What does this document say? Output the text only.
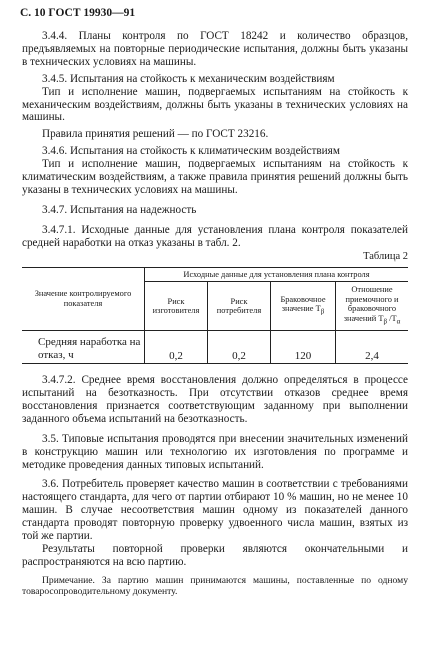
С. 10 ГОСТ 19930—91

3.4.4. Планы контроля по ГОСТ 18242 и количество образцов, предъявляемых на повторные периодические испытания, должны быть указаны в технических условиях на машины.

3.4.5. Испытания на стойкость к механическим воздействиям

Тип и исполнение машин, подвергаемых испытаниям на стойкость к механическим воздействиям, должны быть указаны в технических условиях на машины.

Правила принятия решений — по ГОСТ 23216.

3.4.6. Испытания на стойкость к климатическим воздействиям

Тип и исполнение машин, подвергаемых испытаниям на стойкость к климатическим воздействиям, а также правила принятия решений должны быть указаны в технических условиях на машины.

3.4.7. Испытания на надежность

3.4.7.1. Исходные данные для установления плана контроля показателей средней наработки на отказ указаны в табл. 2.

Таблица 2
Значение контролируемого показателя	Исходные данные для установления плана контроля			
	Риск изготовителя	Риск потребителя	Браковочное значение $T_\beta$	Отношение приемочного и браковочного значений $T_\beta$ $/T_\alpha$
Средняя наработка на отказ, ч	0,2	0,2	120	2,4

3.4.7.2. Среднее время восстановления должно определяться в процессе испытаний на безотказность. При отсутствии отказов среднее время восстановления признается соответствующим заданному при выполнении заданного объема испытаний на безотказность.

3.5. Типовые испытания проводятся при внесении значительных изменений в конструкцию машин или технологию их изготовления по программе и методике проведения данных типовых испытаний.

3.6. Потребитель проверяет качество машин в соответствии с требованиями настоящего стандарта, для чего от партии отбирают 10 % машин, но не менее 10 машин. В случае несоответствия машин одному из показателей данного стандарта проводят повторную проверку удвоенного числа машин, взятых из той же партии.

Результаты повторной проверки являются окончательными и распространяются на всю партию.

Примечание. За партию машин принимаются машины, поставленные по одному товаросопроводительному документу.
